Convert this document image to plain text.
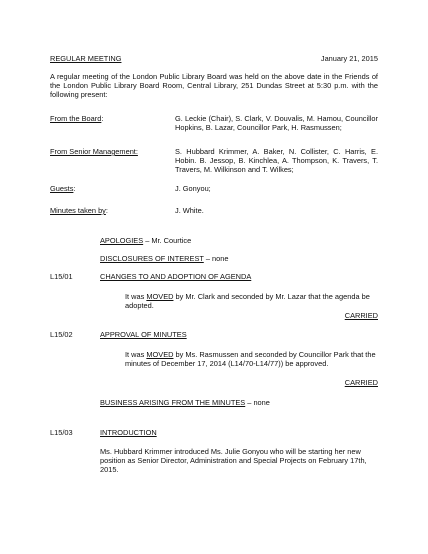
REGULAR MEETING	January 21, 2015
A regular meeting of the London Public Library Board was held on the above date in the Friends of the London Public Library Board Room, Central Library, 251 Dundas Street at 5:30 p.m. with the following present:
From the Board:	G. Leckie (Chair), S. Clark, V. Douvalis, M. Hamou, Councillor Hopkins, B. Lazar, Councillor Park, H. Rasmussen;
From Senior Management:	S. Hubbard Krimmer, A. Baker, N. Collister, C. Harris, E. Hobin. B. Jessop, B. Kinchlea, A. Thompson, K. Travers, T. Travers, M. Wilkinson and T. Wilkes;
Guests:	J. Gonyou;
Minutes taken by:	J. White.
APOLOGIES – Mr. Courtice
DISCLOSURES OF INTEREST – none
L15/01	CHANGES TO AND ADOPTION OF AGENDA
It was MOVED by Mr. Clark and seconded by Mr. Lazar that the agenda be adopted.
CARRIED
L15/02	APPROVAL OF MINUTES
It was MOVED by Ms. Rasmussen and seconded by Councillor Park that the minutes of December 17, 2014 (L14/70-L14/77)) be approved.
CARRIED
BUSINESS ARISING FROM THE MINUTES – none
L15/03	INTRODUCTION
Ms. Hubbard Krimmer introduced Ms. Julie Gonyou who will be starting her new position as Senior Director, Administration and Special Projects on February 17th, 2015.
